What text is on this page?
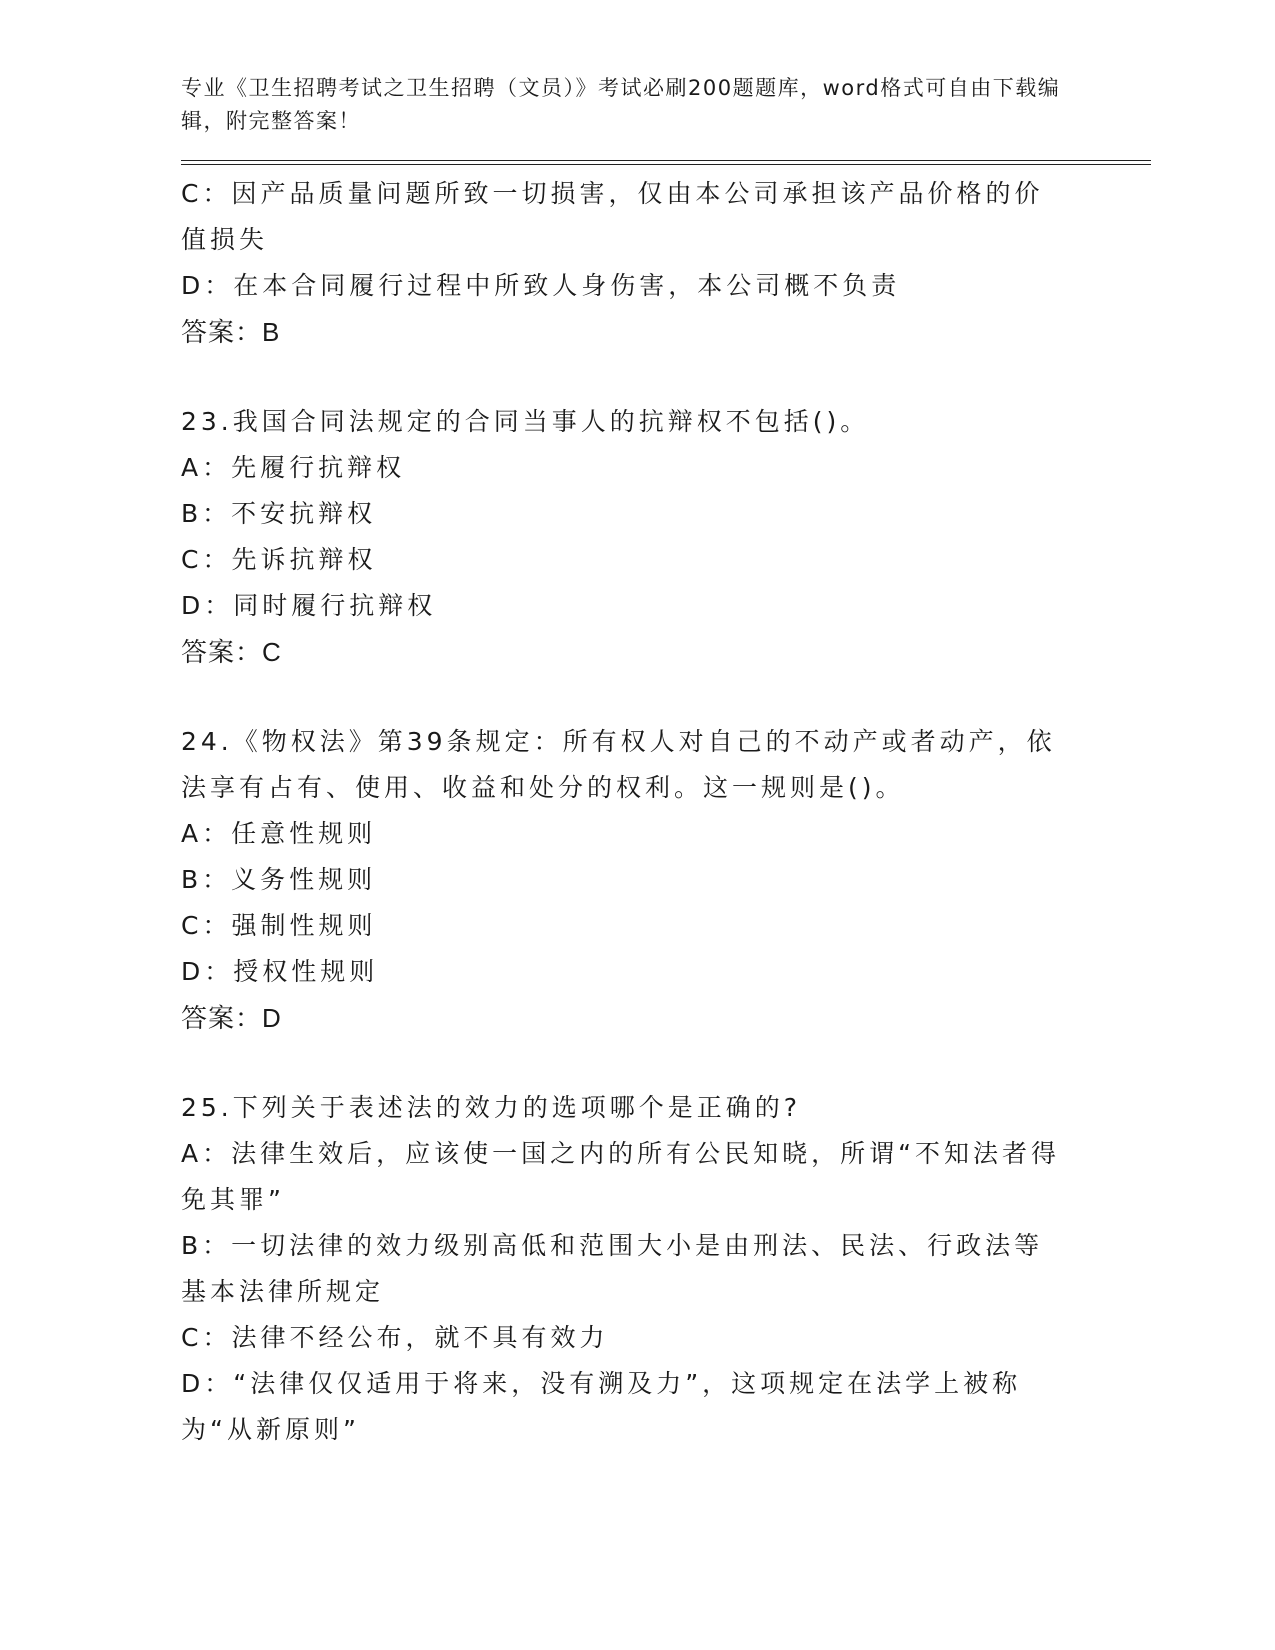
专业《卫生招聘考试之卫生招聘（文员）》考试必刷200题题库，word格式可自由下载编辑，附完整答案！

C：因产品质量问题所致一切损害，仅由本公司承担该产品价格的价值损失

D：在本合同履行过程中所致人身伤害，本公司概不负责

答案：B

23.我国合同法规定的合同当事人的抗辩权不包括()。

A：先履行抗辩权

B：不安抗辩权

C：先诉抗辩权

D：同时履行抗辩权

答案：C

24.《物权法》第39条规定：所有权人对自己的不动产或者动产，依法享有占有、使用、收益和处分的权利。这一规则是()。

A：任意性规则

B：义务性规则

C：强制性规则

D：授权性规则

答案：D

25.下列关于表述法的效力的选项哪个是正确的?

A：法律生效后，应该使一国之内的所有公民知晓，所谓“不知法者得免其罪”

B：一切法律的效力级别高低和范围大小是由刑法、民法、行政法等基本法律所规定

C：法律不经公布，就不具有效力

D：“法律仅仅适用于将来，没有溯及力”，这项规定在法学上被称为“从新原则”
